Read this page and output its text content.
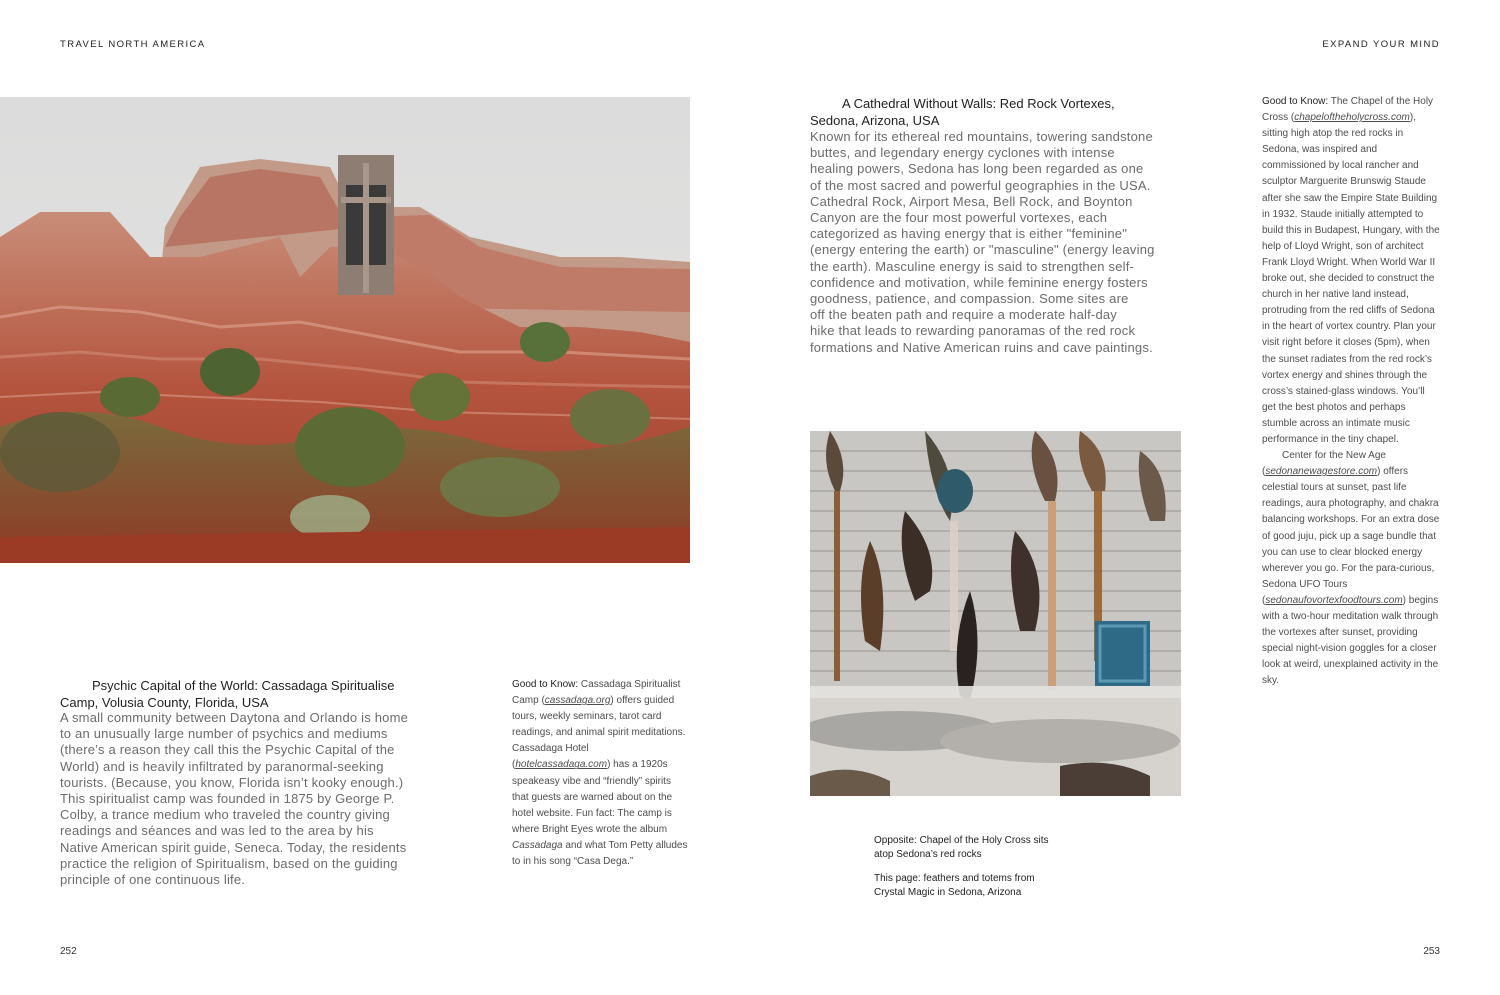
TRAVEL NORTH AMERICA	EXPAND YOUR MIND
Psychic Capital of the World: Cassadaga Spiritualise
Camp, Volusia County, Florida, USA
A small community between Daytona and Orlando is home
to an unusually large number of psychics and mediums
(there’s a reason they call this the Psychic Capital of the
World) and is heavily infiltrated by paranormal-seeking
tourists. (Because, you know, Florida isn’t kooky enough.)
This spiritualist camp was founded in 1875 by George P.
Colby, a trance medium who traveled the country giving
readings and séances and was led to the area by his
Native American spirit guide, Seneca. Today, the residents
practice the religion of Spiritualism, based on the guiding
principle of one continuous life.

Good to Know: Cassadaga Spiritualist Camp (cassadaga.org) offers guided tours, weekly seminars, tarot card readings, and animal spirit meditations. Cassadaga Hotel (hotelcassadaga.com) has a 1920s speakeasy vibe and “friendly” spirits that guests are warned about on the hotel website. Fun fact: The camp is where Bright Eyes wrote the album Cassadaga and what Tom Petty alludes to in his song “Casa Dega.”

A Cathedral Without Walls: Red Rock Vortexes,
Sedona, Arizona, USA
Known for its ethereal red mountains, towering sandstone
buttes, and legendary energy cyclones with intense
healing powers, Sedona has long been regarded as one
of the most sacred and powerful geographies in the USA.
Cathedral Rock, Airport Mesa, Bell Rock, and Boynton
Canyon are the four most powerful vortexes, each
categorized as having energy that is either "feminine"
(energy entering the earth) or "masculine" (energy leaving
the earth). Masculine energy is said to strengthen self-
confidence and motivation, while feminine energy fosters
goodness, patience, and compassion. Some sites are
off the beaten path and require a moderate half-day
hike that leads to rewarding panoramas of the red rock
formations and Native American ruins and cave paintings.

Good to Know: The Chapel of the Holy Cross (chapeloftheholycross.com), sitting high atop the red rocks in Sedona, was inspired and commissioned by local rancher and sculptor Marguerite Brunswig Staude after she saw the Empire State Building in 1932. Staude initially attempted to build this in Budapest, Hungary, with the help of Lloyd Wright, son of architect Frank Lloyd Wright. When World War II broke out, she decided to construct the church in her native land instead, protruding from the red cliffs of Sedona in the heart of vortex country. Plan your visit right before it closes (5pm), when the sunset radiates from the red rock’s vortex energy and shines through the cross’s stained-glass windows. You’ll get the best photos and perhaps stumble across an intimate music performance in the tiny chapel.

Center for the New Age (sedonanewagestore.com) offers celestial tours at sunset, past life readings, aura photography, and chakra balancing workshops. For an extra dose of good juju, pick up a sage bundle that you can use to clear blocked energy wherever you go. For the para-curious, Sedona UFO Tours (sedonaufovortexfoodtours.com) begins with a two-hour meditation walk through the vortexes after sunset, providing special night-vision goggles for a closer look at weird, unexplained activity in the sky.

Opposite: Chapel of the Holy Cross sits atop Sedona’s red rocks

This page: feathers and totems from Crystal Magic in Sedona, Arizona

252	253
